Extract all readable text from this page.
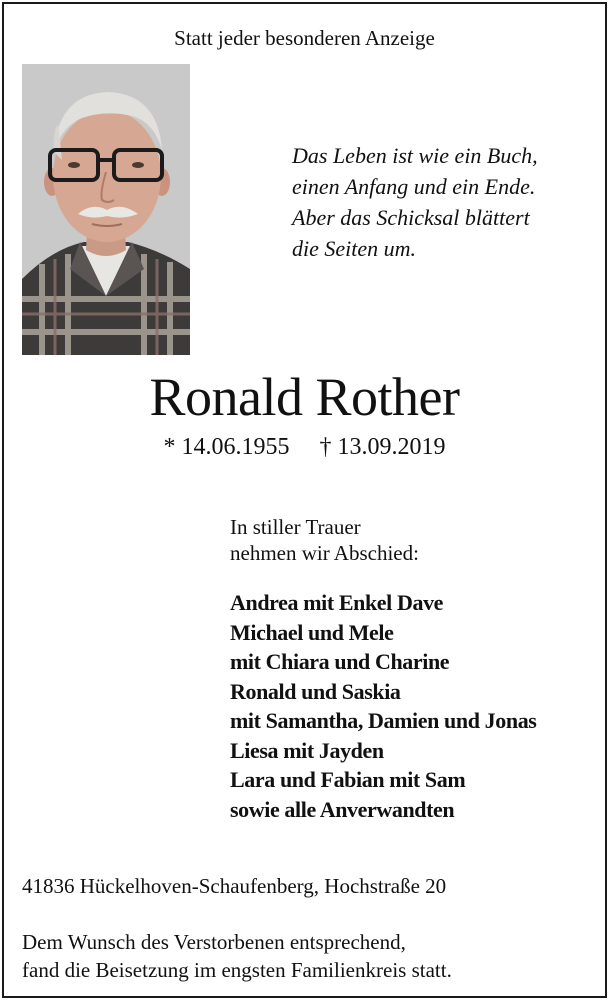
Statt jeder besonderen Anzeige
Das Leben ist wie ein Buch,
einen Anfang und ein Ende.
Aber das Schicksal blättert
die Seiten um.
Ronald Rother
* 14.06.1955 † 13.09.2019
In stiller Trauer
nehmen wir Abschied:
Andrea mit Enkel Dave
Michael und Mele
mit Chiara und Charine
Ronald und Saskia
mit Samantha, Damien und Jonas
Liesa mit Jayden
Lara und Fabian mit Sam
sowie alle Anverwandten
41836 Hückelhoven-Schaufenberg, Hochstraße 20
Dem Wunsch des Verstorbenen entsprechend,
fand die Beisetzung im engsten Familienkreis statt.
